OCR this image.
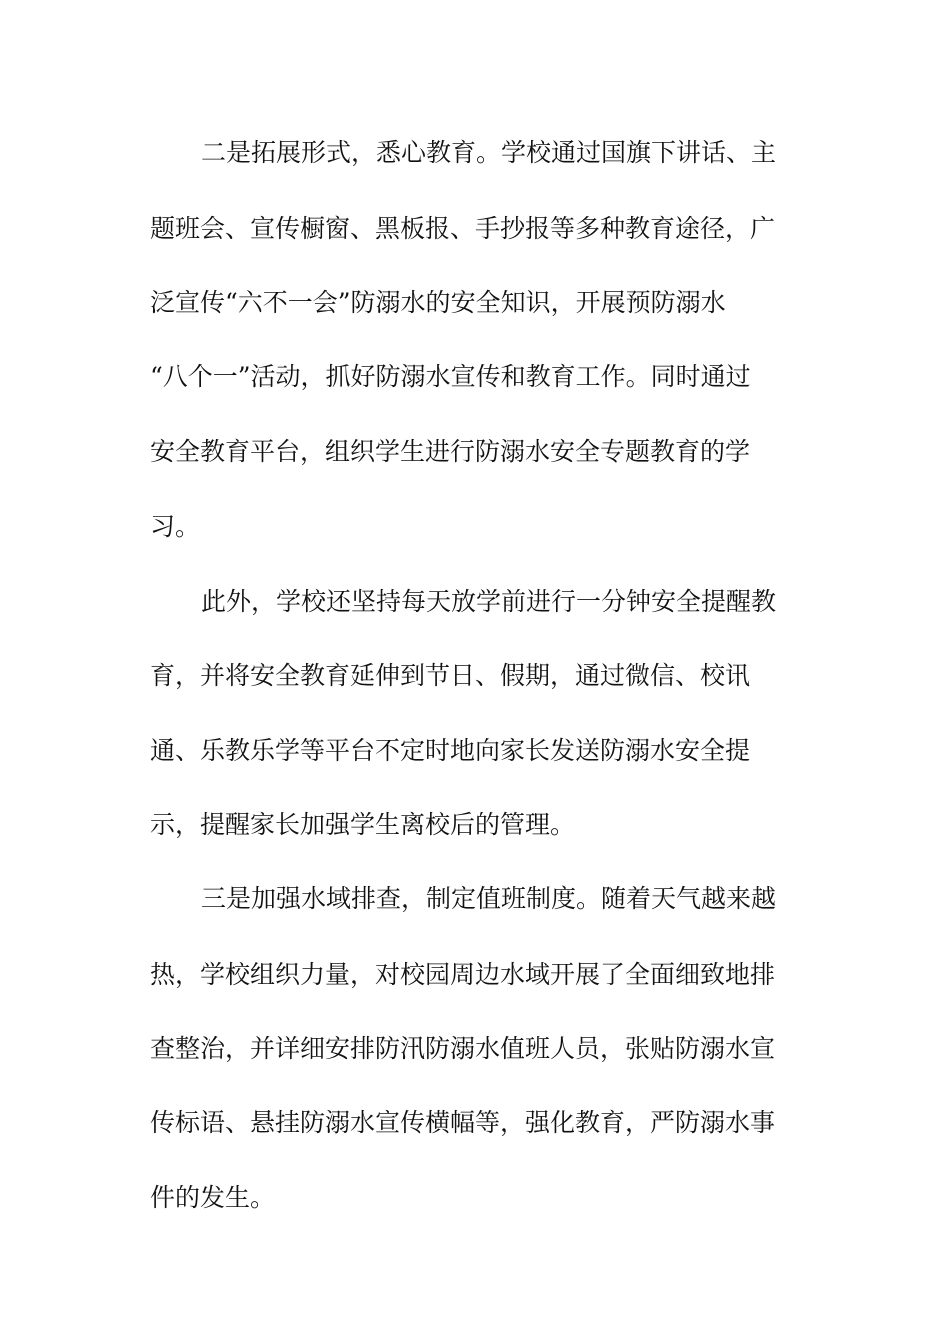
二是拓展形式，悉心教育。学校通过国旗下讲话、主

题班会、宣传橱窗、黑板报、手抄报等多种教育途径，广

泛宣传“六不一会”防溺水的安全知识，开展预防溺水

“八个一”活动，抓好防溺水宣传和教育工作。同时通过

安全教育平台，组织学生进行防溺水安全专题教育的学

习。

此外，学校还坚持每天放学前进行一分钟安全提醒教

育，并将安全教育延伸到节日、假期，通过微信、校讯

通、乐教乐学等平台不定时地向家长发送防溺水安全提

示，提醒家长加强学生离校后的管理。

三是加强水域排查，制定值班制度。随着天气越来越

热，学校组织力量，对校园周边水域开展了全面细致地排

查整治，并详细安排防汛防溺水值班人员，张贴防溺水宣

传标语、悬挂防溺水宣传横幅等，强化教育，严防溺水事

件的发生。
